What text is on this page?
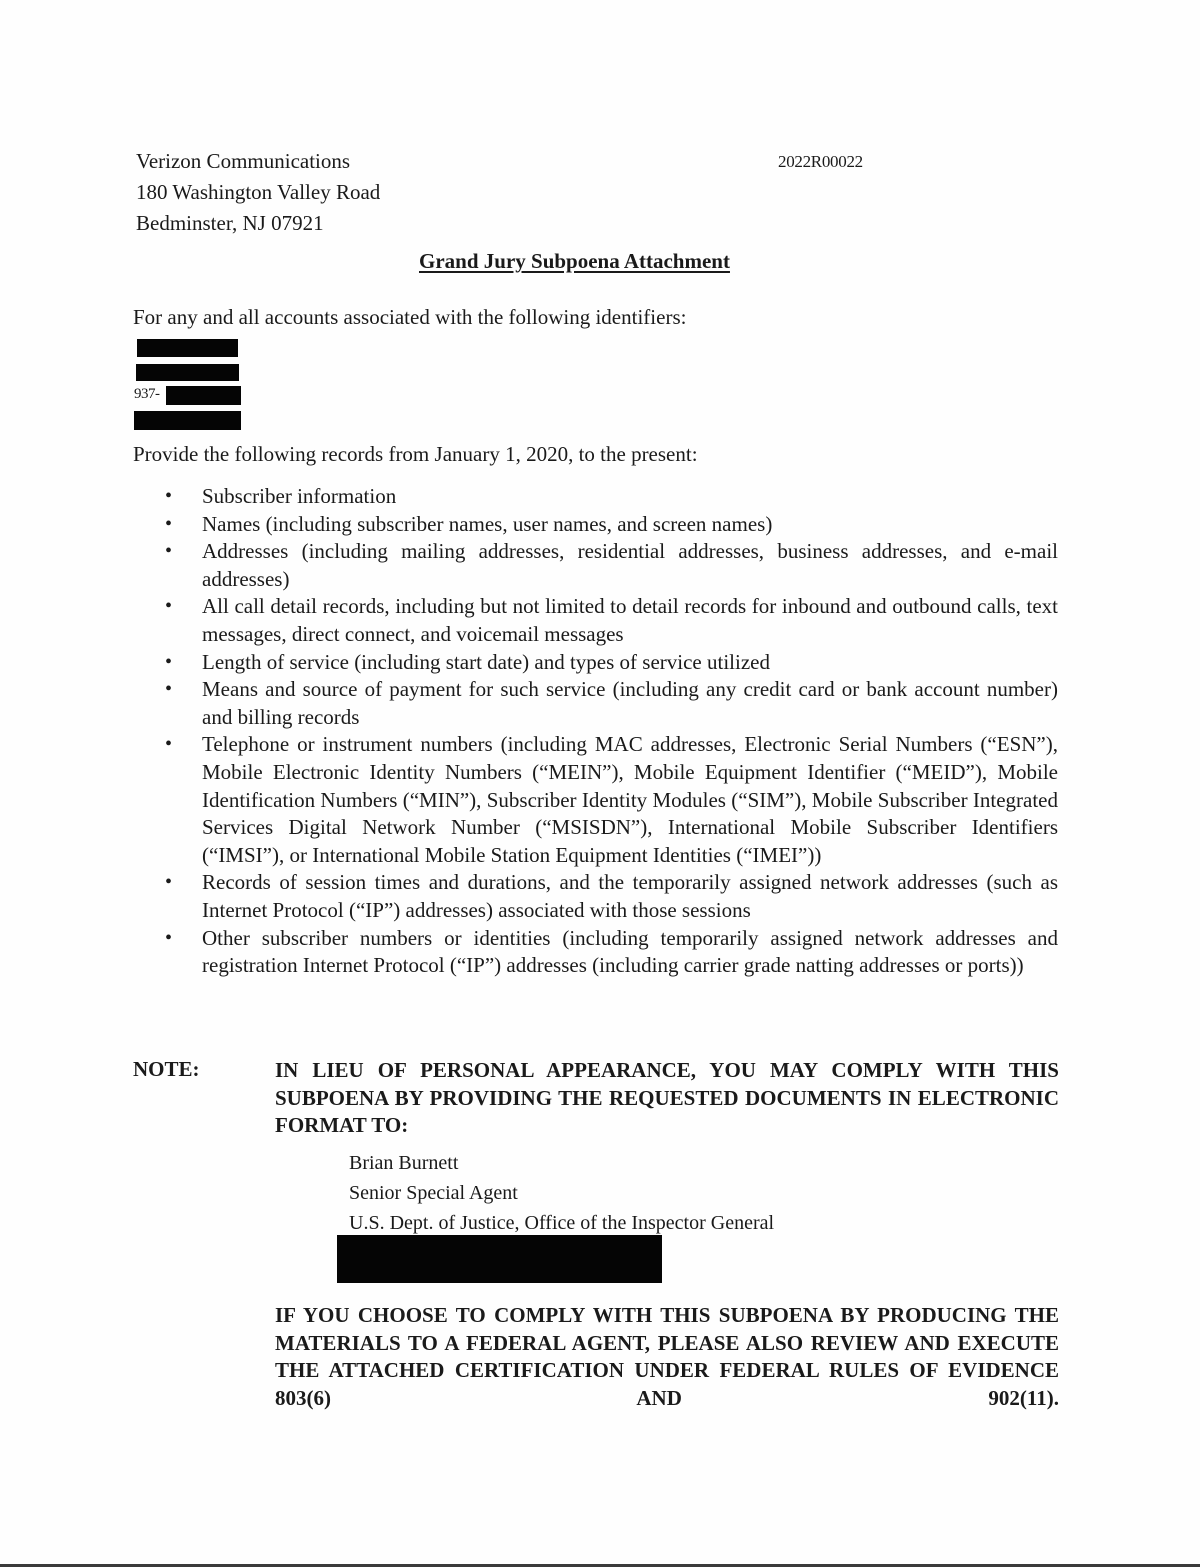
Verizon Communications
180 Washington Valley Road
Bedminster, NJ 07921
2022R00022
Grand Jury Subpoena Attachment
For any and all accounts associated with the following identifiers:
937-
Provide the following records from January 1, 2020, to the present:
• Subscriber information
• Names (including subscriber names, user names, and screen names)
• Addresses (including mailing addresses, residential addresses, business addresses, and e-mail addresses)
• All call detail records, including but not limited to detail records for inbound and outbound calls, text messages, direct connect, and voicemail messages
• Length of service (including start date) and types of service utilized
• Means and source of payment for such service (including any credit card or bank account number) and billing records
• Telephone or instrument numbers (including MAC addresses, Electronic Serial Numbers (“ESN”), Mobile Electronic Identity Numbers (“MEIN”), Mobile Equipment Identifier (“MEID”), Mobile Identification Numbers (“MIN”), Subscriber Identity Modules (“SIM”), Mobile Subscriber Integrated Services Digital Network Number (“MSISDN”), International Mobile Subscriber Identifiers (“IMSI”), or International Mobile Station Equipment Identities (“IMEI”))
• Records of session times and durations, and the temporarily assigned network addresses (such as Internet Protocol (“IP”) addresses) associated with those sessions
• Other subscriber numbers or identities (including temporarily assigned network addresses and registration Internet Protocol (“IP”) addresses (including carrier grade natting addresses or ports))
NOTE:	IN LIEU OF PERSONAL APPEARANCE, YOU MAY COMPLY WITH THIS SUBPOENA BY PROVIDING THE REQUESTED DOCUMENTS IN ELECTRONIC FORMAT TO:
Brian Burnett
Senior Special Agent
U.S. Dept. of Justice, Office of the Inspector General
IF YOU CHOOSE TO COMPLY WITH THIS SUBPOENA BY PRODUCING THE MATERIALS TO A FEDERAL AGENT, PLEASE ALSO REVIEW AND EXECUTE THE ATTACHED CERTIFICATION UNDER FEDERAL RULES OF EVIDENCE 803(6) AND 902(11).
